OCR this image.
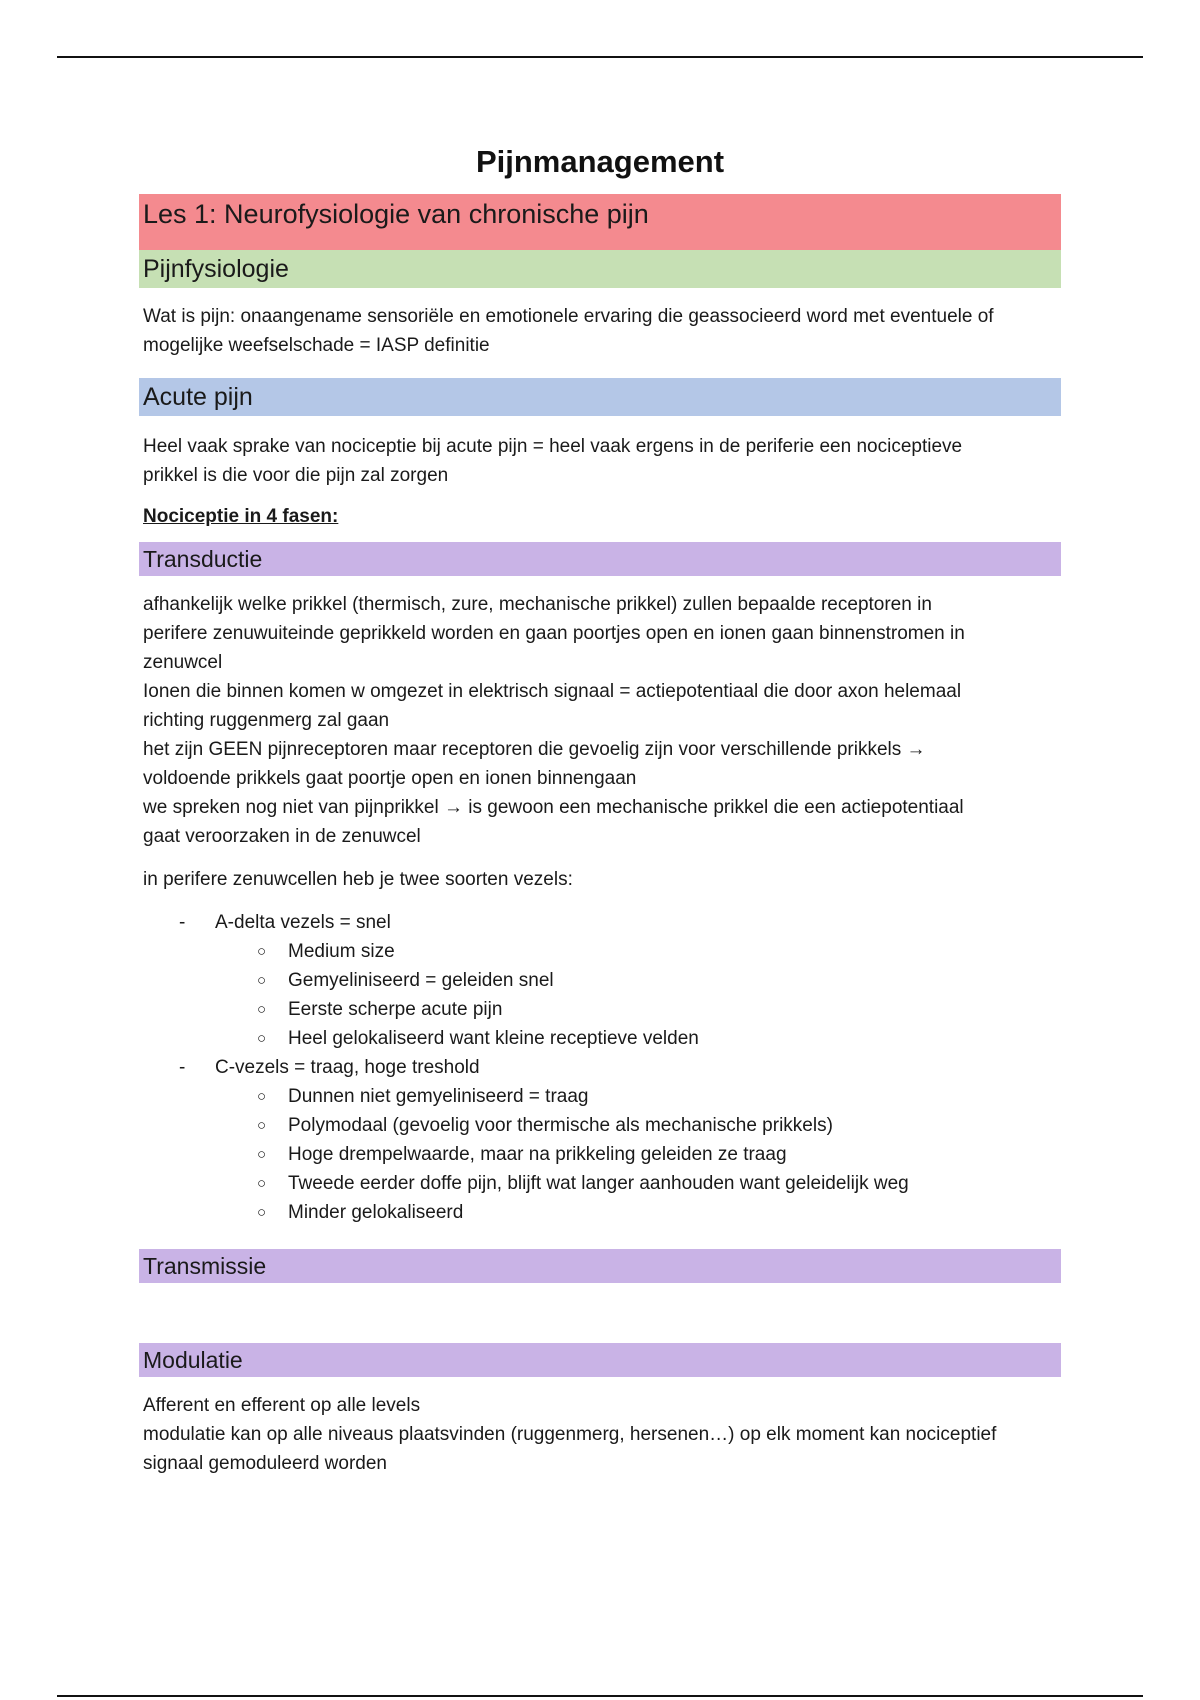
Pijnmanagement
Les 1: Neurofysiologie van chronische pijn
Pijnfysiologie
Wat is pijn: onaangename sensoriële en emotionele ervaring die geassocieerd word met eventuele of
mogelijke weefselschade = IASP definitie
Acute pijn
Heel vaak sprake van nociceptie bij acute pijn = heel vaak ergens in de periferie een nociceptieve
prikkel is die voor die pijn zal zorgen
Nociceptie in 4 fasen:
Transductie
afhankelijk welke prikkel (thermisch, zure, mechanische prikkel) zullen bepaalde receptoren in
perifere zenuwuiteinde geprikkeld worden en gaan poortjes open en ionen gaan binnenstromen in
zenuwcel
Ionen die binnen komen w omgezet in elektrisch signaal = actiepotentiaal die door axon helemaal
richting ruggenmerg zal gaan
het zijn GEEN pijnreceptoren maar receptoren die gevoelig zijn voor verschillende prikkels →
voldoende prikkels gaat poortje open en ionen binnengaan
we spreken nog niet van pijnprikkel → is gewoon een mechanische prikkel die een actiepotentiaal
gaat veroorzaken in de zenuwcel
in perifere zenuwcellen heb je twee soorten vezels:
- A-delta vezels = snel
○ Medium size
○ Gemyeliniseerd = geleiden snel
○ Eerste scherpe acute pijn
○ Heel gelokaliseerd want kleine receptieve velden
- C-vezels = traag, hoge treshold
○ Dunnen niet gemyeliniseerd = traag
○ Polymodaal (gevoelig voor thermische als mechanische prikkels)
○ Hoge drempelwaarde, maar na prikkeling geleiden ze traag
○ Tweede eerder doffe pijn, blijft wat langer aanhouden want geleidelijk weg
○ Minder gelokaliseerd
Transmissie
Modulatie
Afferent en efferent op alle levels
modulatie kan op alle niveaus plaatsvinden (ruggenmerg, hersenen…) op elk moment kan nociceptief
signaal gemoduleerd worden
